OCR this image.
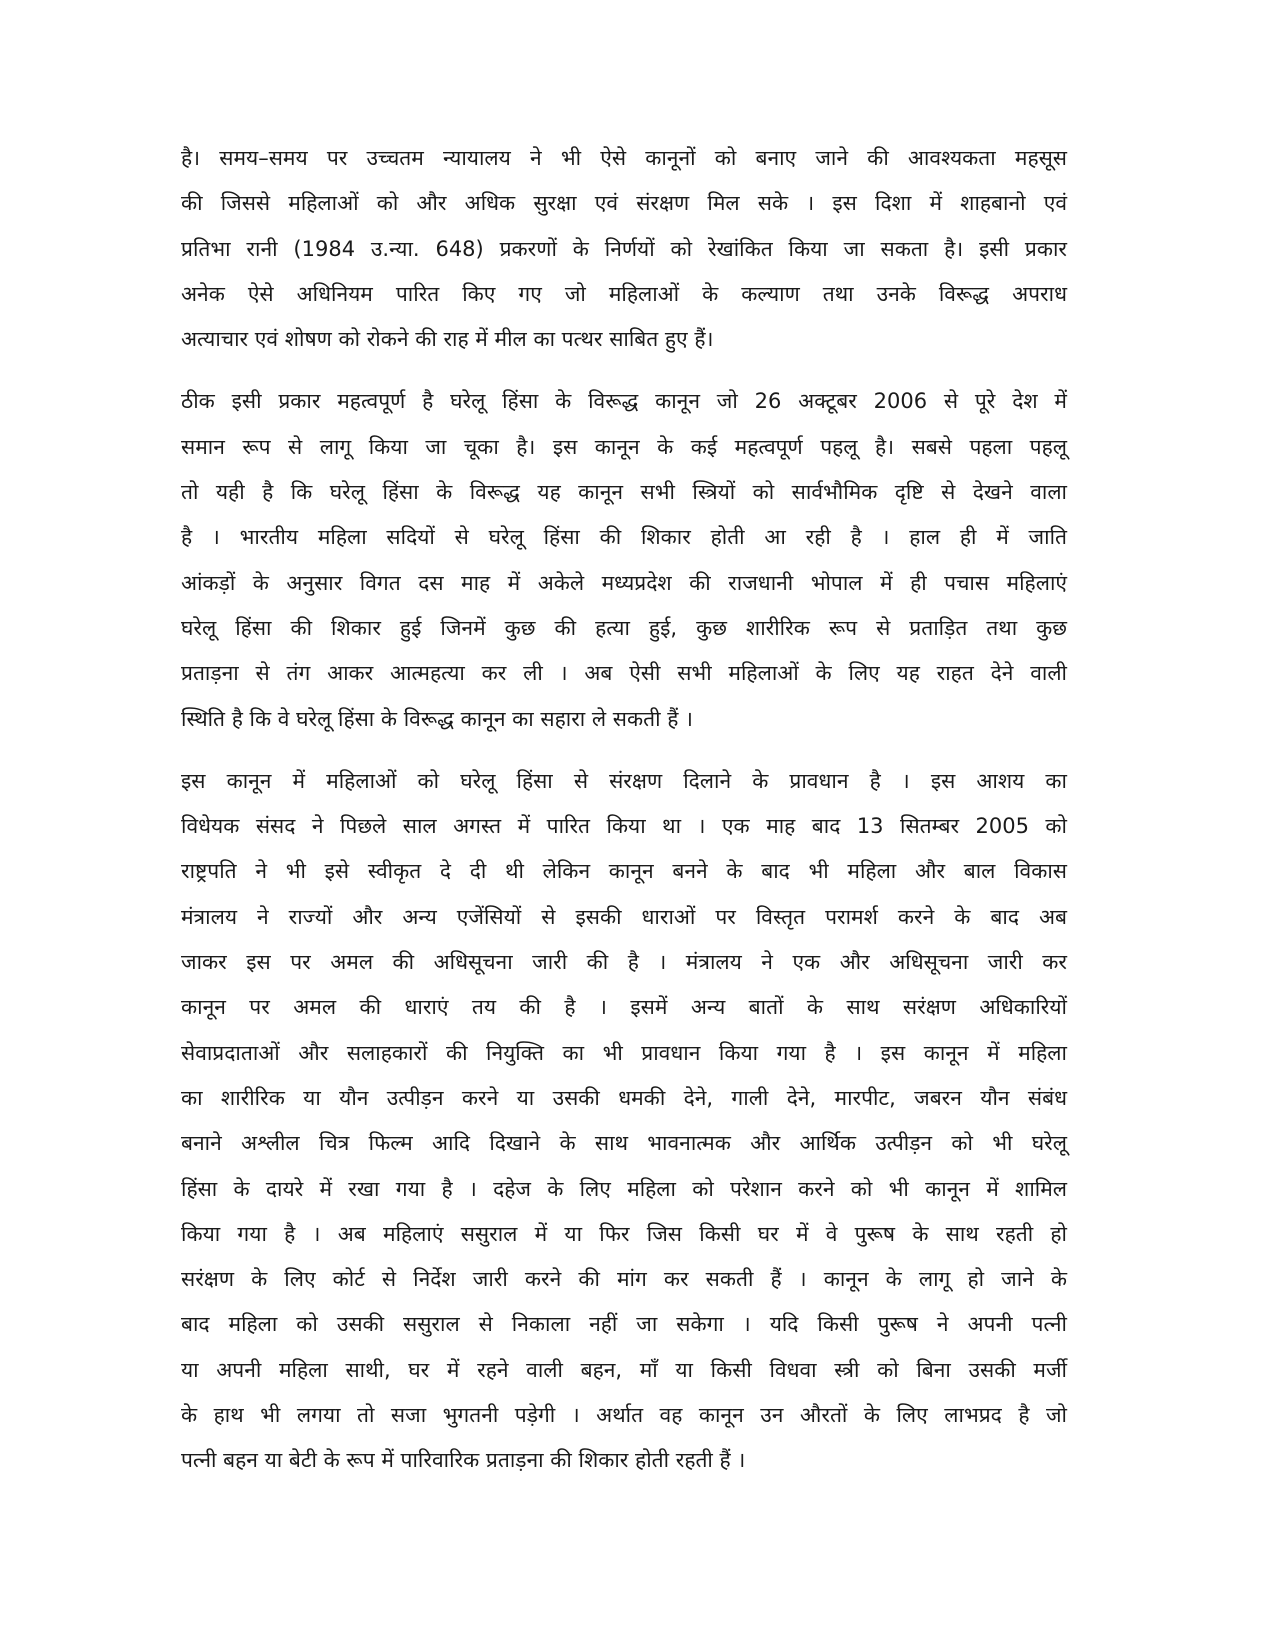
है। समय–समय पर उच्चतम न्यायालय ने भी ऐसे कानूनों को बनाए जाने की आवश्यकता महसूस
की जिससे महिलाओं को और अधिक सुरक्षा एवं संरक्षण मिल सके । इस दिशा में शाहबानो एवं
प्रतिभा रानी (1984 उ.न्या. 648) प्रकरणों के निर्णयों को रेखांकित किया जा सकता है। इसी प्रकार
अनेक ऐसे अधिनियम पारित किए गए जो महिलाओं के कल्याण तथा उनके विरूद्ध अपराध
अत्याचार एवं शोषण को रोकने की राह में मील का पत्थर साबित हुए हैं।
ठीक इसी प्रकार महत्वपूर्ण है घरेलू हिंसा के विरूद्ध कानून जो 26 अक्टूबर 2006 से पूरे देश में
समान रूप से लागू किया जा चूका है। इस कानून के कई महत्वपूर्ण पहलू है। सबसे पहला पहलू
तो यही है कि घरेलू हिंसा के विरूद्ध यह कानून सभी स्त्रियों को सार्वभौमिक दृष्टि से देखने वाला
है । भारतीय महिला सदियों से घरेलू हिंसा की शिकार होती आ रही है । हाल ही में जाति
आंकड़ों के अनुसार विगत दस माह में अकेले मध्यप्रदेश की राजधानी भोपाल में ही पचास महिलाएं
घरेलू हिंसा की शिकार हुई जिनमें कुछ की हत्या हुई, कुछ शारीरिक रूप से प्रताड़ित तथा कुछ
प्रताड़ना से तंग आकर आत्महत्या कर ली । अब ऐसी सभी महिलाओं के लिए यह राहत देने वाली
स्थिति है कि वे घरेलू हिंसा के विरूद्ध कानून का सहारा ले सकती हैं ।
इस कानून में महिलाओं को घरेलू हिंसा से संरक्षण दिलाने के प्रावधान है । इस आशय का
विधेयक संसद ने पिछले साल अगस्त में पारित किया था । एक माह बाद 13 सितम्बर 2005 को
राष्ट्रपति ने भी इसे स्वीकृत दे दी थी लेकिन कानून बनने के बाद भी महिला और बाल विकास
मंत्रालय ने राज्यों और अन्य एजेंसियों से इसकी धाराओं पर विस्तृत परामर्श करने के बाद अब
जाकर इस पर अमल की अधिसूचना जारी की है । मंत्रालय ने एक और अधिसूचना जारी कर
कानून पर अमल की धाराएं तय की है । इसमें अन्य बातों के साथ सरंक्षण अधिकारियों
सेवाप्रदाताओं और सलाहकारों की नियुक्ति का भी प्रावधान किया गया है । इस कानून में महिला
का शारीरिक या यौन उत्पीड़न करने या उसकी धमकी देने, गाली देने, मारपीट, जबरन यौन संबंध
बनाने अश्लील चित्र फिल्म आदि दिखाने के साथ भावनात्मक और आर्थिक उत्पीड़न को भी घरेलू
हिंसा के दायरे में रखा गया है । दहेज के लिए महिला को परेशान करने को भी कानून में शामिल
किया गया है । अब महिलाएं ससुराल में या फिर जिस किसी घर में वे पुरूष के साथ रहती हो
सरंक्षण के लिए कोर्ट से निर्देश जारी करने की मांग कर सकती हैं । कानून के लागू हो जाने के
बाद महिला को उसकी ससुराल से निकाला नहीं जा सकेगा । यदि किसी पुरूष ने अपनी पत्नी
या अपनी महिला साथी, घर में रहने वाली बहन, माँ या किसी विधवा स्त्री को बिना उसकी मर्जी
के हाथ भी लगया तो सजा भुगतनी पड़ेगी । अर्थात वह कानून उन औरतों के लिए लाभप्रद है जो
पत्नी बहन या बेटी के रूप में पारिवारिक प्रताड़ना की शिकार होती रहती हैं ।
